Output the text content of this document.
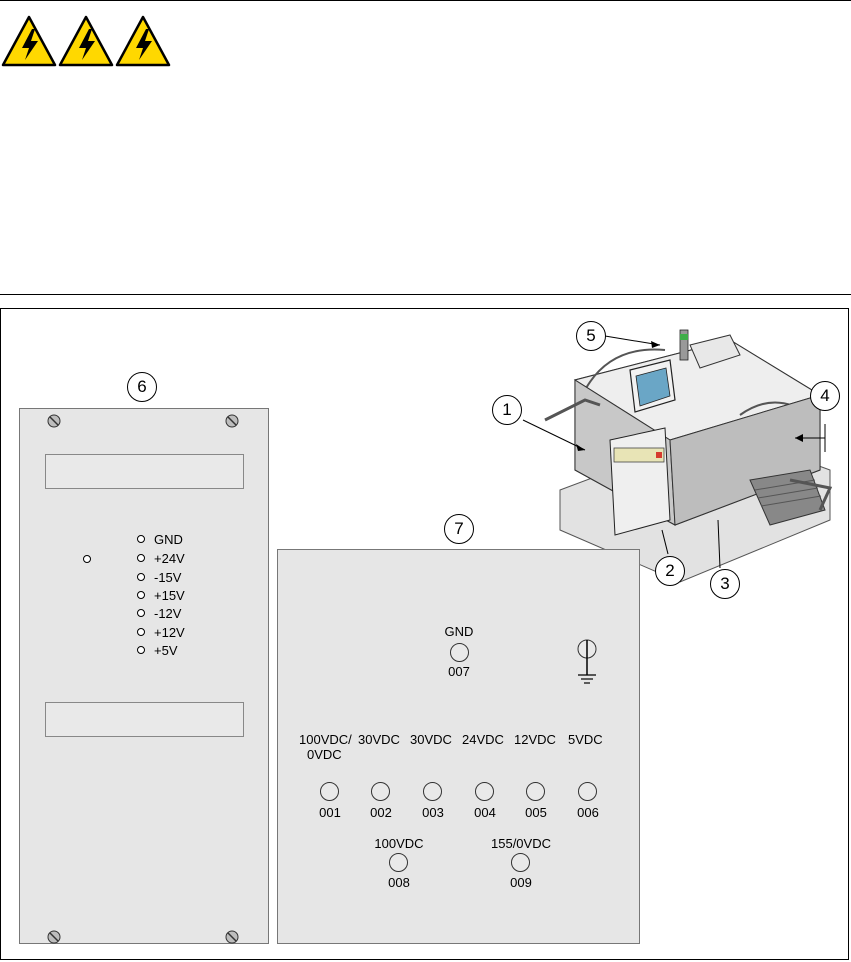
1
2
3
4
5
6
7
GND
+24V
-15V
+15V
-12V
+12V
+5V
GND
007
100VDC/
0VDC
30VDC 30VDC 24VDC 12VDC 5VDC
001 002 003 004 005 006
100VDC
008
155/0VDC
009
